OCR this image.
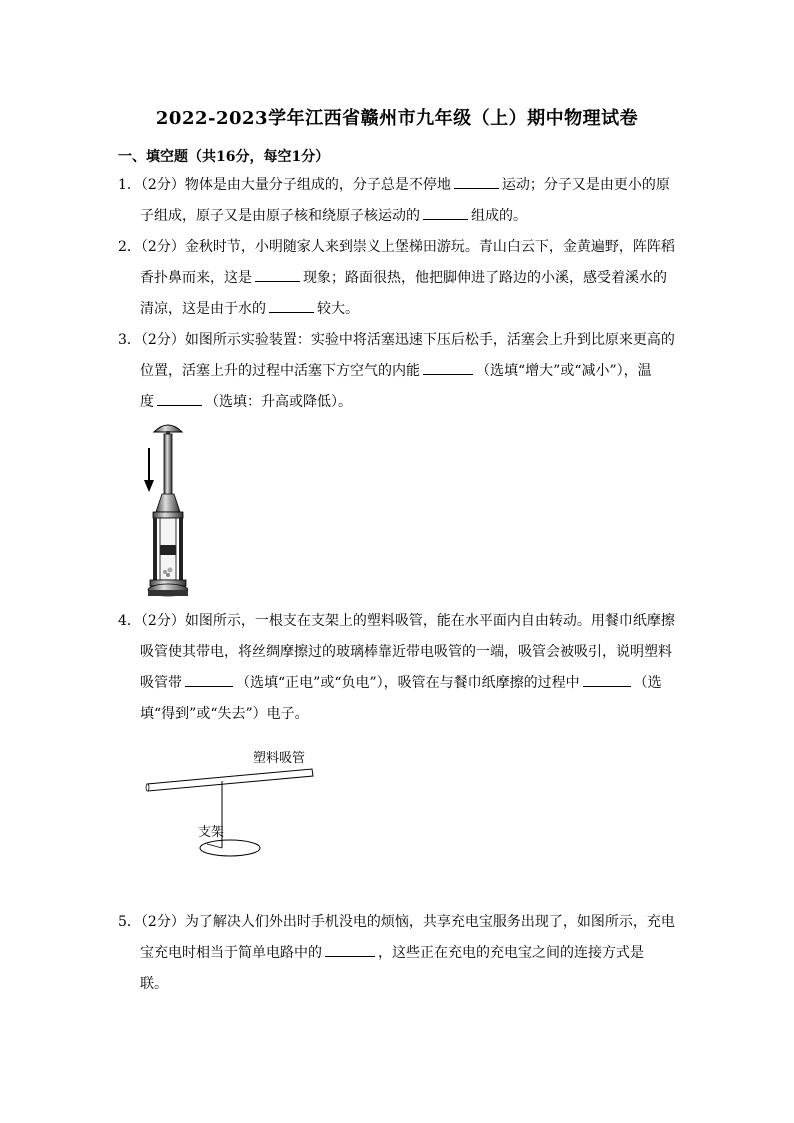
2022-2023学年江西省赣州市九年级（上）期中物理试卷
一、填空题（共16分，每空1分）

1．（2分）物体是由大量分子组成的，分子总是不停地	运动；分子又是由更小的原

子组成，原子又是由原子核和绕原子核运动的	组成的。

2．（2分）金秋时节，小明随家人来到崇义上堡梯田游玩。青山白云下，金黄遍野，阵阵稻

香扑鼻而来，这是	现象；路面很热，他把脚伸进了路边的小溪，感受着溪水的

清凉，这是由于水的	较大。

3．（2分）如图所示实验装置：实验中将活塞迅速下压后松手，活塞会上升到比原来更高的

位置，活塞上升的过程中活塞下方空气的内能	（选填“增大”或“减小”），温

度	（选填：升高或降低）。

4．（2分）如图所示，一根支在支架上的塑料吸管，能在水平面内自由转动。用餐巾纸摩擦

吸管使其带电，将丝绸摩擦过的玻璃棒靠近带电吸管的一端，吸管会被吸引，说明塑料

吸管带	（选填“正电”或“负电”），吸管在与餐巾纸摩擦的过程中	（选

填“得到”或“失去”）电子。

塑料吸管
支架

5．（2分）为了解决人们外出时手机没电的烦恼，共享充电宝服务出现了，如图所示，充电

宝充电时相当于简单电路中的	，这些正在充电的充电宝之间的连接方式是

联。
